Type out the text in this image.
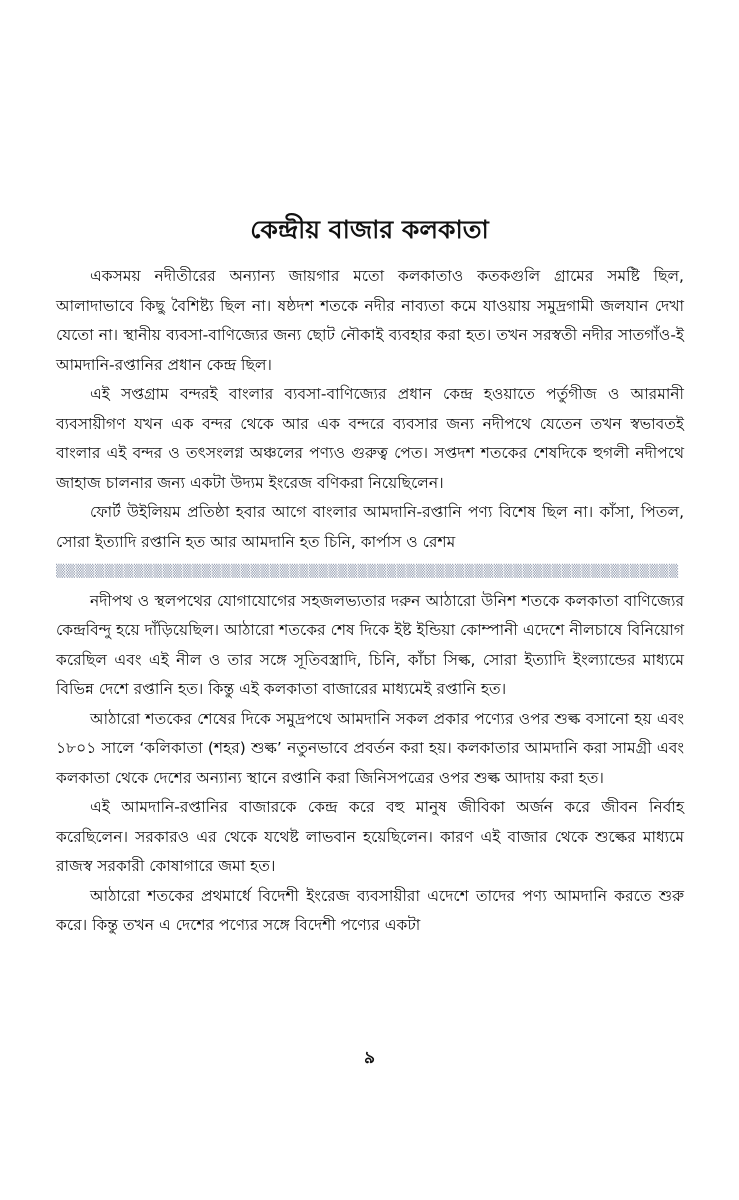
কেন্দ্রীয় বাজার কলকাতা

একসময় নদীতীরের অন্যান্য জায়গার মতো কলকাতাও কতকগুলি গ্রামের সমষ্টি ছিল, আলাদাভাবে কিছু বৈশিষ্ট্য ছিল না। ষষ্ঠদশ শতকে নদীর নাব্যতা কমে যাওয়ায় সমুদ্রগামী জলযান দেখা যেতো না। স্থানীয় ব্যবসা-বাণিজ্যের জন্য ছোট নৌকাই ব্যবহার করা হত। তখন সরস্বতী নদীর সাতগাঁও-ই আমদানি-রপ্তানির প্রধান কেন্দ্র ছিল।

এই সপ্তগ্রাম বন্দরই বাংলার ব্যবসা-বাণিজ্যের প্রধান কেন্দ্র হওয়াতে পর্তুগীজ ও আরমানী ব্যবসায়ীগণ যখন এক বন্দর থেকে আর এক বন্দরে ব্যবসার জন্য নদীপথে যেতেন তখন স্বভাবতই বাংলার এই বন্দর ও তৎসংলগ্ন অঞ্চলের পণ্যও গুরুত্ব পেত। সপ্তদশ শতকের শেষদিকে হুগলী নদীপথে জাহাজ চালনার জন্য একটা উদ্যম ইংরেজ বণিকরা নিয়েছিলেন।

ফোর্ট উইলিয়ম প্রতিষ্ঠা হবার আগে বাংলার আমদানি-রপ্তানি পণ্য বিশেষ ছিল না। কাঁসা, পিতল, সোরা ইত্যাদি রপ্তানি হত আর আমদানি হত চিনি, কার্পাস ও রেশম

▒▒▒▒▒▒▒▒▒▒▒▒▒▒▒▒▒▒▒▒▒▒▒▒▒▒▒▒▒▒▒▒▒▒▒▒▒▒▒▒▒▒▒▒▒▒▒▒▒▒▒▒▒▒▒▒▒▒▒▒▒▒▒▒

নদীপথ ও স্থলপথের যোগাযোগের সহজলভ্যতার দরুন আঠারো উনিশ শতকে কলকাতা বাণিজ্যের কেন্দ্রবিন্দু হয়ে দাঁড়িয়েছিল। আঠারো শতকের শেষ দিকে ইষ্ট ইন্ডিয়া কোম্পানী এদেশে নীলচাষে বিনিয়োগ করেছিল এবং এই নীল ও তার সঙ্গে সূতিবস্ত্রাদি, চিনি, কাঁচা সিল্ক, সোরা ইত্যাদি ইংল্যান্ডের মাধ্যমে বিভিন্ন দেশে রপ্তানি হত। কিন্তু এই কলকাতা বাজারের মাধ্যমেই রপ্তানি হত।

আঠারো শতকের শেষের দিকে সমুদ্রপথে আমদানি সকল প্রকার পণ্যের ওপর শুল্ক বসানো হয় এবং ১৮০১ সালে ‘কলিকাতা (শহর) শুল্ক’ নতুনভাবে প্রবর্তন করা হয়। কলকাতার আমদানি করা সামগ্রী এবং কলকাতা থেকে দেশের অন্যান্য স্থানে রপ্তানি করা জিনিসপত্রের ওপর শুল্ক আদায় করা হত।

এই আমদানি-রপ্তানির বাজারকে কেন্দ্র করে বহু মানুষ জীবিকা অর্জন করে জীবন নির্বাহ করেছিলেন। সরকারও এর থেকে যথেষ্ট লাভবান হয়েছিলেন। কারণ এই বাজার থেকে শুল্কের মাধ্যমে রাজস্ব সরকারী কোষাগারে জমা হত।

আঠারো শতকের প্রথমার্ধে বিদেশী ইংরেজ ব্যবসায়ীরা এদেশে তাদের পণ্য আমদানি করতে শুরু করে। কিন্তু তখন এ দেশের পণ্যের সঙ্গে বিদেশী পণ্যের একটা

৯
